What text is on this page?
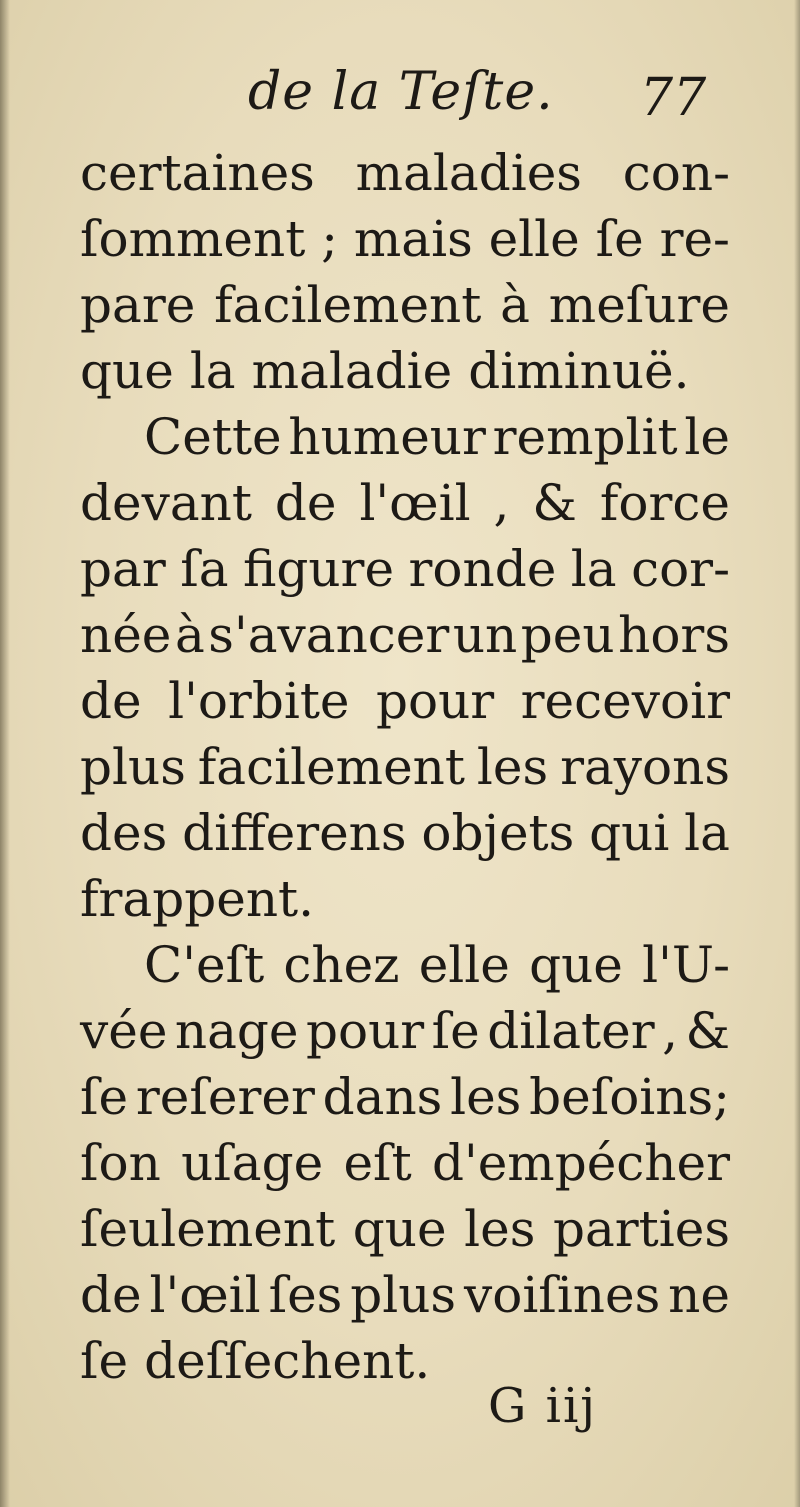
de la Teſte. 77
certaines maladies con-
ſomment ; mais elle ſe re-
pare facilement à meſure
que la maladie diminuë.
Cette humeur remplit le
devant de l'œil , & force
par ſa figure ronde la cor-
née à s'avancer un peu hors
de l'orbite pour recevoir
plus facilement les rayons
des differens objets qui la
frappent.
C'eſt chez elle que l'U-
vée nage pour ſe dilater , &
ſe reſerer dans les beſoins;
ſon uſage eſt d'empécher
ſeulement que les parties
de l'œil ſes plus voiſines ne
ſe deſſechent.
G iij
